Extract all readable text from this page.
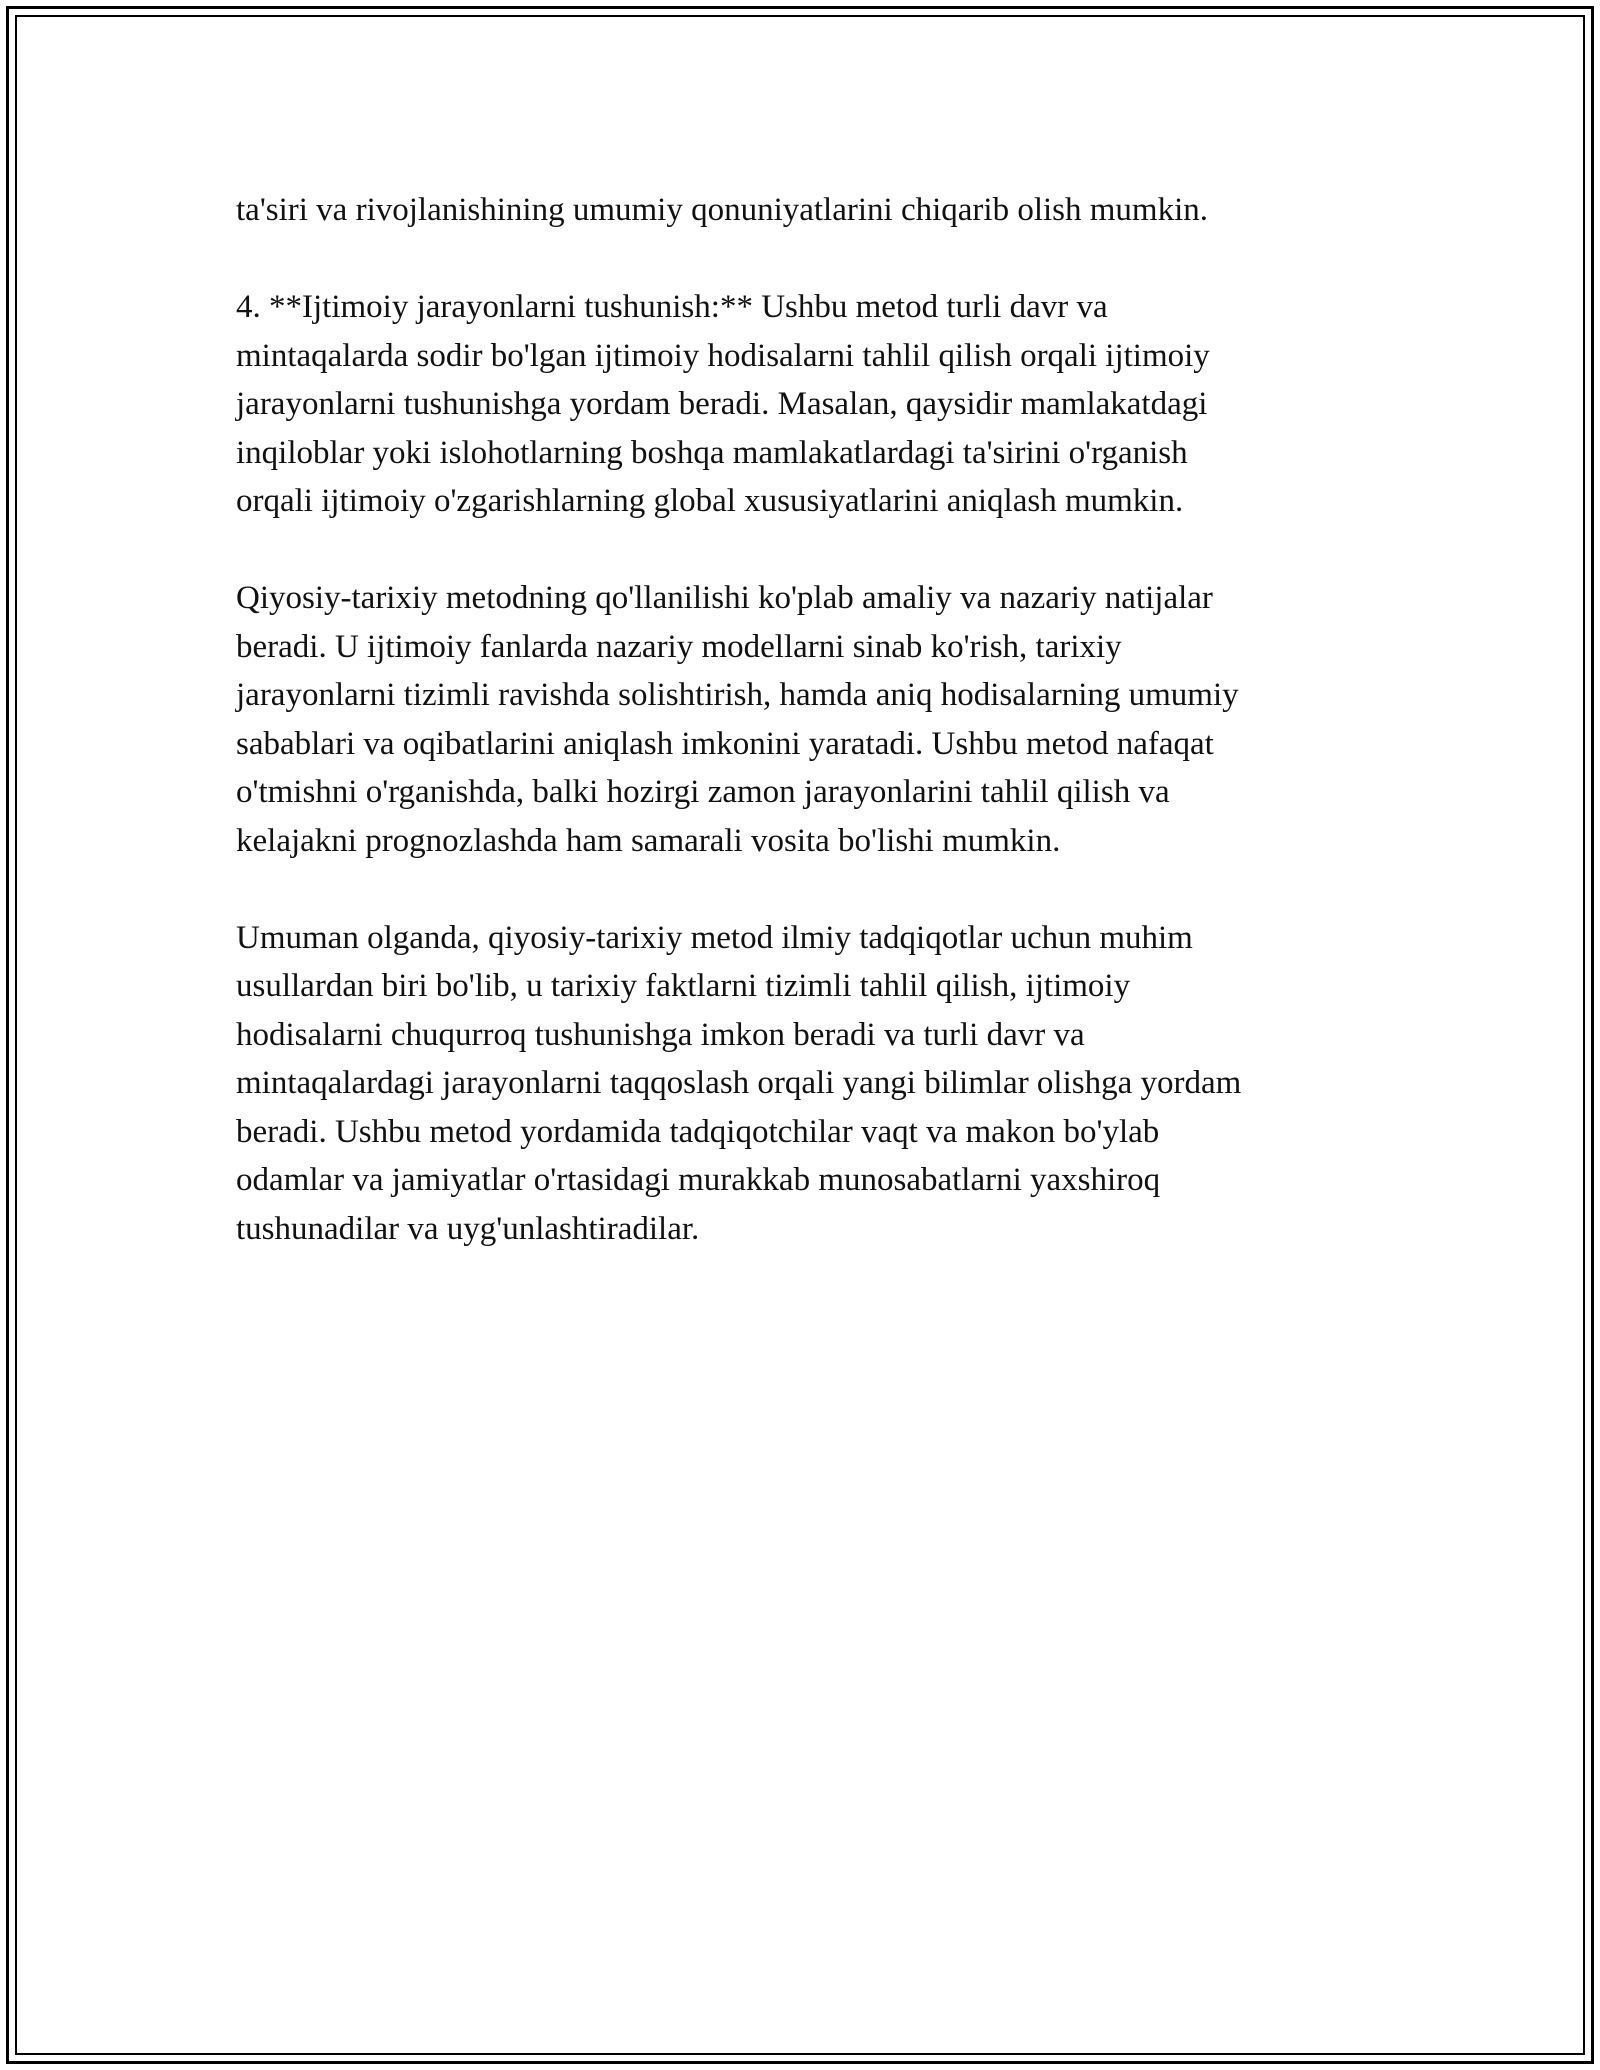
ta'siri va rivojlanishining umumiy qonuniyatlarini chiqarib olish mumkin.

4. **Ijtimoiy jarayonlarni tushunish:** Ushbu metod turli davr va
mintaqalarda sodir bo'lgan ijtimoiy hodisalarni tahlil qilish orqali ijtimoiy
jarayonlarni tushunishga yordam beradi. Masalan, qaysidir mamlakatdagi
inqiloblar yoki islohotlarning boshqa mamlakatlardagi ta'sirini o'rganish
orqali ijtimoiy o'zgarishlarning global xususiyatlarini aniqlash mumkin.

Qiyosiy-tarixiy metodning qo'llanilishi ko'plab amaliy va nazariy natijalar
beradi. U ijtimoiy fanlarda nazariy modellarni sinab ko'rish, tarixiy
jarayonlarni tizimli ravishda solishtirish, hamda aniq hodisalarning umumiy
sabablari va oqibatlarini aniqlash imkonini yaratadi. Ushbu metod nafaqat
o'tmishni o'rganishda, balki hozirgi zamon jarayonlarini tahlil qilish va
kelajakni prognozlashda ham samarali vosita bo'lishi mumkin.

Umuman olganda, qiyosiy-tarixiy metod ilmiy tadqiqotlar uchun muhim
usullardan biri bo'lib, u tarixiy faktlarni tizimli tahlil qilish, ijtimoiy
hodisalarni chuqurroq tushunishga imkon beradi va turli davr va
mintaqalardagi jarayonlarni taqqoslash orqali yangi bilimlar olishga yordam
beradi. Ushbu metod yordamida tadqiqotchilar vaqt va makon bo'ylab
odamlar va jamiyatlar o'rtasidagi murakkab munosabatlarni yaxshiroq
tushunadilar va uyg'unlashtiradilar.
